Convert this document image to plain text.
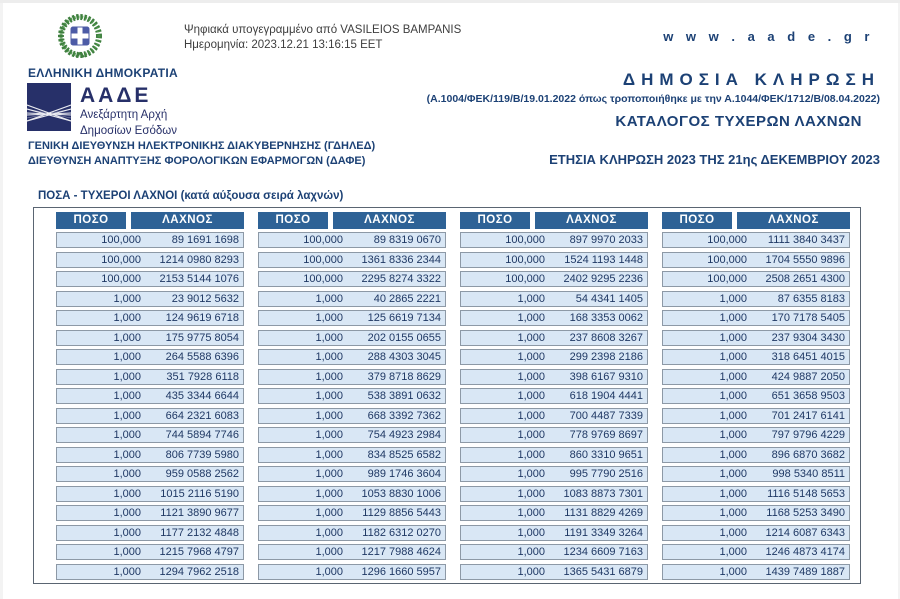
ΕΛΛΗΝΙΚΗ ΔΗΜΟΚΡΑΤΙΑ
ΑΑΔΕ
Ανεξάρτητη Αρχή
Δημοσίων Εσόδων
Ψηφιακά υπογεγραμμένο από VASILEIOS BAMPANIS
Ημερομηνία: 2023.12.21 13:16:15 EET
w w w . a a d e . g r
ΓΕΝΙΚΗ ΔΙΕΥΘΥΝΣΗ ΗΛΕΚΤΡΟΝΙΚΗΣ ΔΙΑΚΥΒΕΡΝΗΣΗΣ (ΓΔΗΛΕΔ)
ΔΙΕΥΘΥΝΣΗ ΑΝΑΠΤΥΞΗΣ ΦΟΡΟΛΟΓΙΚΩΝ ΕΦΑΡΜΟΓΩΝ (ΔΑΦΕ)
ΔΗΜΟΣΙΑ ΚΛΗΡΩΣΗ
(Α.1004/ΦΕΚ/119/Β/19.01.2022 όπως τροποποιήθηκε με την Α.1044/ΦΕΚ/1712/Β/08.04.2022)
ΚΑΤΑΛΟΓΟΣ ΤΥΧΕΡΩΝ ΛΑΧΝΩΝ
ΕΤΗΣΙΑ ΚΛΗΡΩΣΗ 2023 ΤΗΣ 21ης ΔΕΚΕΜΒΡΙΟΥ 2023
ΠΟΣΑ - ΤΥΧΕΡΟΙ ΛΑΧΝΟΙ (κατά αύξουσα σειρά λαχνών)
ΠΟΣΟ	ΛΑΧΝΟΣ
100,000	89 1691 1698
100,000	1214 0980 8293
100,000	2153 5144 1076
1,000	23 9012 5632
1,000	124 9619 6718
1,000	175 9775 8054
1,000	264 5588 6396
1,000	351 7928 6118
1,000	435 3344 6644
1,000	664 2321 6083
1,000	744 5894 7746
1,000	806 7739 5980
1,000	959 0588 2562
1,000	1015 2116 5190
1,000	1121 3890 9677
1,000	1177 2132 4848
1,000	1215 7968 4797
1,000	1294 7962 2518
ΠΟΣΟ	ΛΑΧΝΟΣ
100,000	89 8319 0670
100,000	1361 8336 2344
100,000	2295 8274 3322
1,000	40 2865 2221
1,000	125 6619 7134
1,000	202 0155 0655
1,000	288 4303 3045
1,000	379 8718 8629
1,000	538 3891 0632
1,000	668 3392 7362
1,000	754 4923 2984
1,000	834 8525 6582
1,000	989 1746 3604
1,000	1053 8830 1006
1,000	1129 8856 5443
1,000	1182 6312 0270
1,000	1217 7988 4624
1,000	1296 1660 5957
ΠΟΣΟ	ΛΑΧΝΟΣ
100,000	897 9970 2033
100,000	1524 1193 1448
100,000	2402 9295 2236
1,000	54 4341 1405
1,000	168 3353 0062
1,000	237 8608 3267
1,000	299 2398 2186
1,000	398 6167 9310
1,000	618 1904 4441
1,000	700 4487 7339
1,000	778 9769 8697
1,000	860 3310 9651
1,000	995 7790 2516
1,000	1083 8873 7301
1,000	1131 8829 4269
1,000	1191 3349 3264
1,000	1234 6609 7163
1,000	1365 5431 6879
ΠΟΣΟ	ΛΑΧΝΟΣ
100,000	1111 3840 3437
100,000	1704 5550 9896
100,000	2508 2651 4300
1,000	87 6355 8183
1,000	170 7178 5405
1,000	237 9304 3430
1,000	318 6451 4015
1,000	424 9887 2050
1,000	651 3658 9503
1,000	701 2417 6141
1,000	797 9796 4229
1,000	896 6870 3682
1,000	998 5340 8511
1,000	1116 5148 5653
1,000	1168 5253 3490
1,000	1214 6087 6343
1,000	1246 4873 4174
1,000	1439 7489 1887
